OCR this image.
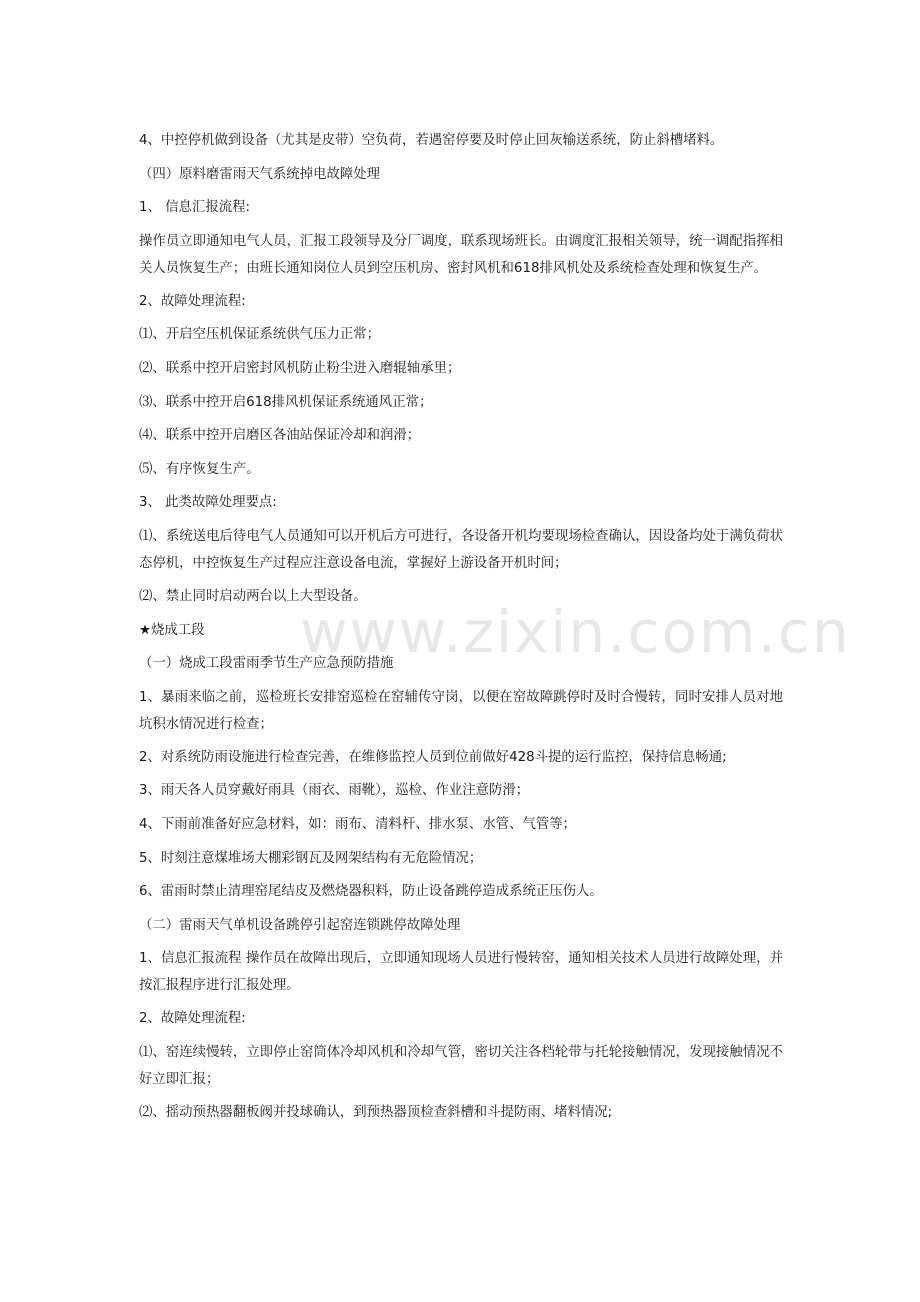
www.zixin.com.cn

4、中控停机做到设备（尤其是皮带）空负荷，若遇窑停要及时停止回灰输送系统，防止斜槽堵料。

（四）原料磨雷雨天气系统掉电故障处理

1、 信息汇报流程:

操作员立即通知电气人员，汇报工段领导及分厂调度，联系现场班长。由调度汇报相关领导，统一调配指挥相关人员恢复生产；由班长通知岗位人员到空压机房、密封风机和618排风机处及系统检查处理和恢复生产。

2、故障处理流程:

⑴、开启空压机保证系统供气压力正常；

⑵、联系中控开启密封风机防止粉尘进入磨辊轴承里；

⑶、联系中控开启618排风机保证系统通风正常；

⑷、联系中控开启磨区各油站保证冷却和润滑；

⑸、有序恢复生产。

3、 此类故障处理要点:

⑴、系统送电后待电气人员通知可以开机后方可进行，各设备开机均要现场检查确认，因设备均处于满负荷状态停机，中控恢复生产过程应注意设备电流，掌握好上游设备开机时间；

⑵、禁止同时启动两台以上大型设备。

★烧成工段

（一）烧成工段雷雨季节生产应急预防措施

1、暴雨来临之前，巡检班长安排窑巡检在窑辅传守岗，以便在窑故障跳停时及时合慢转，同时安排人员对地坑积水情况进行检查；

2、对系统防雨设施进行检查完善，在维修监控人员到位前做好428斗提的运行监控，保持信息畅通;

3、雨天各人员穿戴好雨具（雨衣、雨靴），巡检、作业注意防滑；

4、下雨前准备好应急材料，如：雨布、清料杆、排水泵、水管、气管等；

5、时刻注意煤堆场大棚彩钢瓦及网架结构有无危险情况；

6、雷雨时禁止清理窑尾结皮及燃烧器积料，防止设备跳停造成系统正压伤人。

（二）雷雨天气单机设备跳停引起窑连锁跳停故障处理

1、信息汇报流程 操作员在故障出现后，立即通知现场人员进行慢转窑，通知相关技术人员进行故障处理，并按汇报程序进行汇报处理。

2、故障处理流程:

⑴、窑连续慢转，立即停止窑筒体冷却风机和冷却气管，密切关注各档轮带与托轮接触情况，发现接触情况不好立即汇报；

⑵、摇动预热器翻板阀并投球确认，到预热器顶检查斜槽和斗提防雨、堵料情况;
